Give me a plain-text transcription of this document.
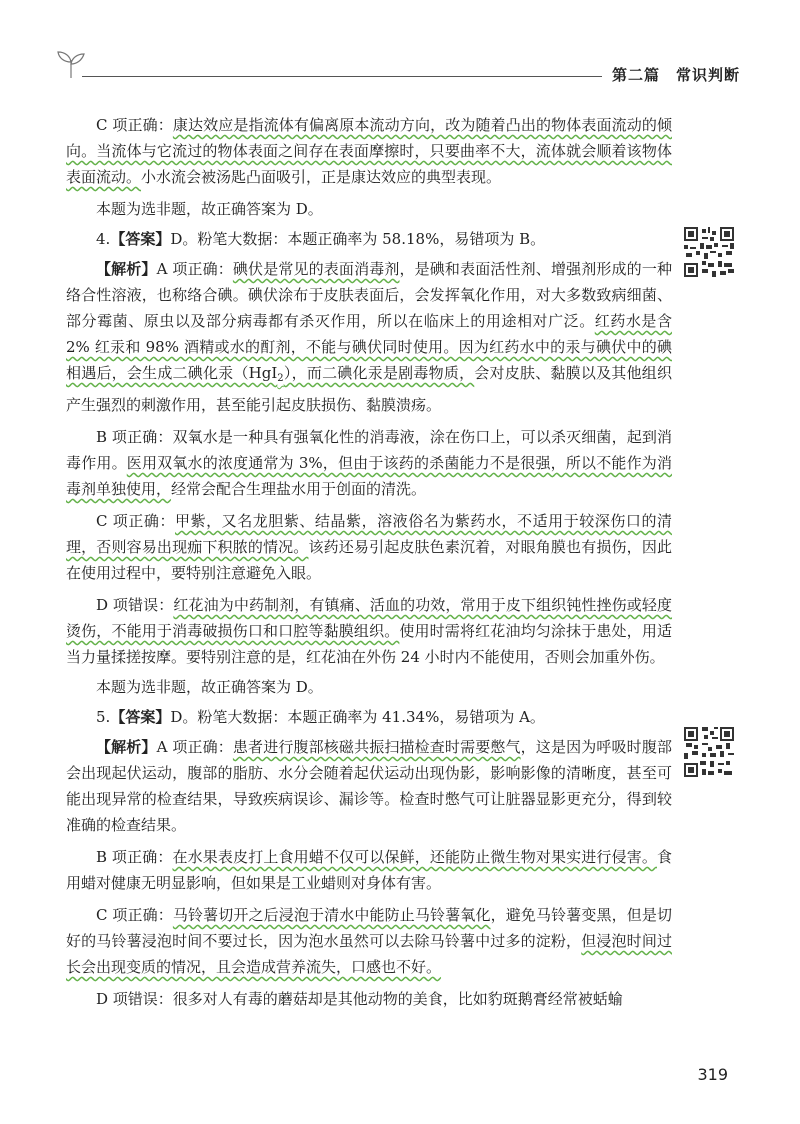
第二篇　常识判断

C 项正确：康达效应是指流体有偏离原本流动方向，改为随着凸出的物体表面流动的倾向。当流体与它流过的物体表面之间存在表面摩擦时，只要曲率不大，流体就会顺着该物体表面流动。小水流会被汤匙凸面吸引，正是康达效应的典型表现。

本题为选非题，故正确答案为 D。

4.【答案】D。粉笔大数据：本题正确率为 58.18%，易错项为 B。

【解析】A 项正确：碘伏是常见的表面消毒剂，是碘和表面活性剂、增强剂形成的一种络合性溶液，也称络合碘。碘伏涂布于皮肤表面后，会发挥氧化作用，对大多数致病细菌、部分霉菌、原虫以及部分病毒都有杀灭作用，所以在临床上的用途相对广泛。红药水是含 2% 红汞和 98% 酒精或水的酊剂，不能与碘伏同时使用。因为红药水中的汞与碘伏中的碘相遇后，会生成二碘化汞（HgI$_2$），而二碘化汞是剧毒物质，会对皮肤、黏膜以及其他组织产生强烈的刺激作用，甚至能引起皮肤损伤、黏膜溃疡。

B 项正确：双氧水是一种具有强氧化性的消毒液，涂在伤口上，可以杀灭细菌，起到消毒作用。医用双氧水的浓度通常为 3%，但由于该药的杀菌能力不是很强，所以不能作为消毒剂单独使用，经常会配合生理盐水用于创面的清洗。

C 项正确：甲紫，又名龙胆紫、结晶紫，溶液俗名为紫药水，不适用于较深伤口的清理，否则容易出现痂下积脓的情况。该药还易引起皮肤色素沉着，对眼角膜也有损伤，因此在使用过程中，要特别注意避免入眼。

D 项错误：红花油为中药制剂，有镇痛、活血的功效，常用于皮下组织钝性挫伤或轻度烫伤，不能用于消毒破损伤口和口腔等黏膜组织。使用时需将红花油均匀涂抹于患处，用适当力量揉搓按摩。要特别注意的是，红花油在外伤 24 小时内不能使用，否则会加重外伤。

本题为选非题，故正确答案为 D。

5.【答案】D。粉笔大数据：本题正确率为 41.34%，易错项为 A。

【解析】A 项正确：患者进行腹部核磁共振扫描检查时需要憋气，这是因为呼吸时腹部会出现起伏运动，腹部的脂肪、水分会随着起伏运动出现伪影，影响影像的清晰度，甚至可能出现异常的检查结果，导致疾病误诊、漏诊等。检查时憋气可让脏器显影更充分，得到较准确的检查结果。

B 项正确：在水果表皮打上食用蜡不仅可以保鲜，还能防止微生物对果实进行侵害。食用蜡对健康无明显影响，但如果是工业蜡则对身体有害。

C 项正确：马铃薯切开之后浸泡于清水中能防止马铃薯氧化，避免马铃薯变黑，但是切好的马铃薯浸泡时间不要过长，因为泡水虽然可以去除马铃薯中过多的淀粉，但浸泡时间过长会出现变质的情况，且会造成营养流失，口感也不好。

D 项错误：很多对人有毒的蘑菇却是其他动物的美食，比如豹斑鹅膏经常被蛞蝓

319
